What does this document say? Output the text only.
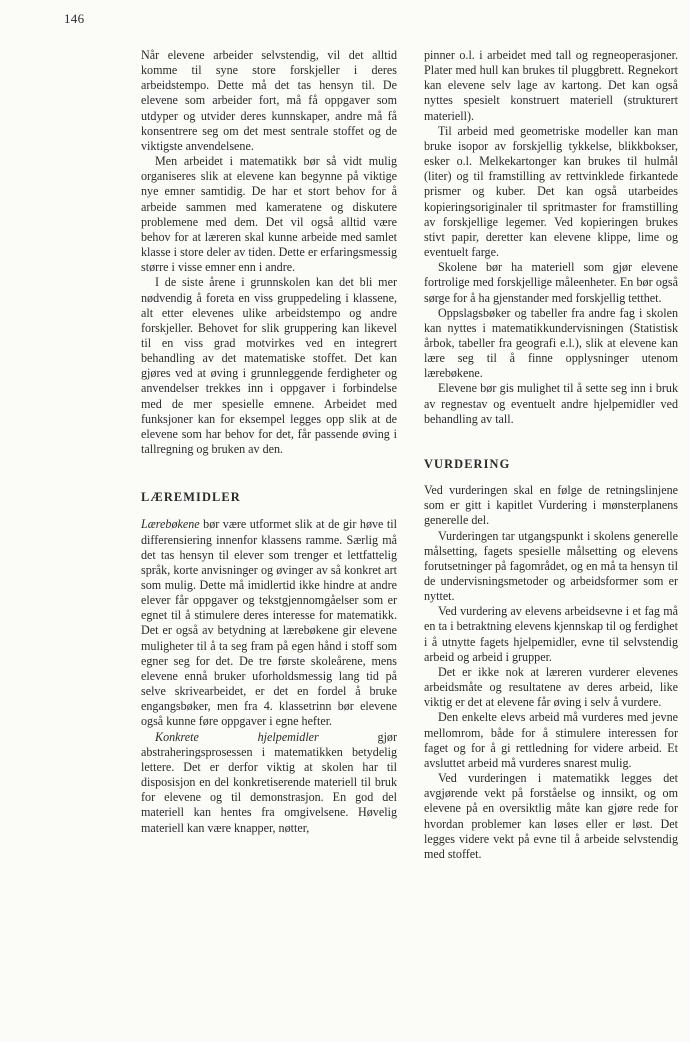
146

Når elevene arbeider selvstendig, vil det alltid komme til syne store forskjeller i deres arbeidstempo. Dette må det tas hensyn til. De elevene som arbeider fort, må få oppgaver som utdyper og utvider deres kunnskaper, andre må få konsentrere seg om det mest sentrale stoffet og de viktigste anvendelsene.

Men arbeidet i matematikk bør så vidt mulig organiseres slik at elevene kan begynne på viktige nye emner samtidig. De har et stort behov for å arbeide sammen med kameratene og diskutere problemene med dem. Det vil også alltid være behov for at læreren skal kunne arbeide med samlet klasse i store deler av tiden. Dette er erfaringsmessig større i visse emner enn i andre.

I de siste årene i grunnskolen kan det bli mer nødvendig å foreta en viss gruppedeling i klassene, alt etter elevenes ulike arbeidstempo og andre forskjeller. Behovet for slik gruppering kan likevel til en viss grad motvirkes ved en integrert behandling av det matematiske stoffet. Det kan gjøres ved at øving i grunnleggende ferdigheter og anvendelser trekkes inn i oppgaver i forbindelse med de mer spesielle emnene. Arbeidet med funksjoner kan for eksempel legges opp slik at de elevene som har behov for det, får passende øving i tallregning og bruken av den.

LÆREMIDLER

Lærebøkene bør være utformet slik at de gir høve til differensiering innenfor klassens ramme. Særlig må det tas hensyn til elever som trenger et lettfattelig språk, korte anvisninger og øvinger av så konkret art som mulig. Dette må imidlertid ikke hindre at andre elever får oppgaver og tekstgjennomgåelser som er egnet til å stimulere deres interesse for matematikk. Det er også av betydning at lærebøkene gir elevene muligheter til å ta seg fram på egen hånd i stoff som egner seg for det. De tre første skoleårene, mens elevene ennå bruker uforholdsmessig lang tid på selve skrivearbeidet, er det en fordel å bruke engangsbøker, men fra 4. klassetrinn bør elevene også kunne føre oppgaver i egne hefter.

Konkrete hjelpemidler gjør abstraheringsprosessen i matematikken betydelig lettere. Det er derfor viktig at skolen har til disposisjon en del konkretiserende materiell til bruk for elevene og til demonstrasjon. En god del materiell kan hentes fra omgivelsene. Høvelig materiell kan være knapper, nøtter,

pinner o.l. i arbeidet med tall og regneoperasjoner. Plater med hull kan brukes til pluggbrett. Regnekort kan elevene selv lage av kartong. Det kan også nyttes spesielt konstruert materiell (strukturert materiell).

Til arbeid med geometriske modeller kan man bruke isopor av forskjellig tykkelse, blikkbokser, esker o.l. Melkekartonger kan brukes til hulmål (liter) og til framstilling av rettvinklede firkantede prismer og kuber. Det kan også utarbeides kopieringsoriginaler til spritmaster for framstilling av forskjellige legemer. Ved kopieringen brukes stivt papir, deretter kan elevene klippe, lime og eventuelt farge.

Skolene bør ha materiell som gjør elevene fortrolige med forskjellige måleenheter. En bør også sørge for å ha gjenstander med forskjellig tetthet.

Oppslagsbøker og tabeller fra andre fag i skolen kan nyttes i matematikkundervisningen (Statistisk årbok, tabeller fra geografi e.l.), slik at elevene kan lære seg til å finne opplysninger utenom lærebøkene.

Elevene bør gis mulighet til å sette seg inn i bruk av regnestav og eventuelt andre hjelpemidler ved behandling av tall.

VURDERING

Ved vurderingen skal en følge de retningslinjene som er gitt i kapitlet Vurdering i mønsterplanens generelle del.

Vurderingen tar utgangspunkt i skolens generelle målsetting, fagets spesielle målsetting og elevens forutsetninger på fagområdet, og en må ta hensyn til de undervisningsmetoder og arbeidsformer som er nyttet.

Ved vurdering av elevens arbeidsevne i et fag må en ta i betraktning elevens kjennskap til og ferdighet i å utnytte fagets hjelpemidler, evne til selvstendig arbeid og arbeid i grupper.

Det er ikke nok at læreren vurderer elevenes arbeidsmåte og resultatene av deres arbeid, like viktig er det at elevene får øving i selv å vurdere.

Den enkelte elevs arbeid må vurderes med jevne mellomrom, både for å stimulere interessen for faget og for å gi rettledning for videre arbeid. Et avsluttet arbeid må vurderes snarest mulig.

Ved vurderingen i matematikk legges det avgjørende vekt på forståelse og innsikt, og om elevene på en oversiktlig måte kan gjøre rede for hvordan problemer kan løses eller er løst. Det legges videre vekt på evne til å arbeide selvstendig med stoffet.
